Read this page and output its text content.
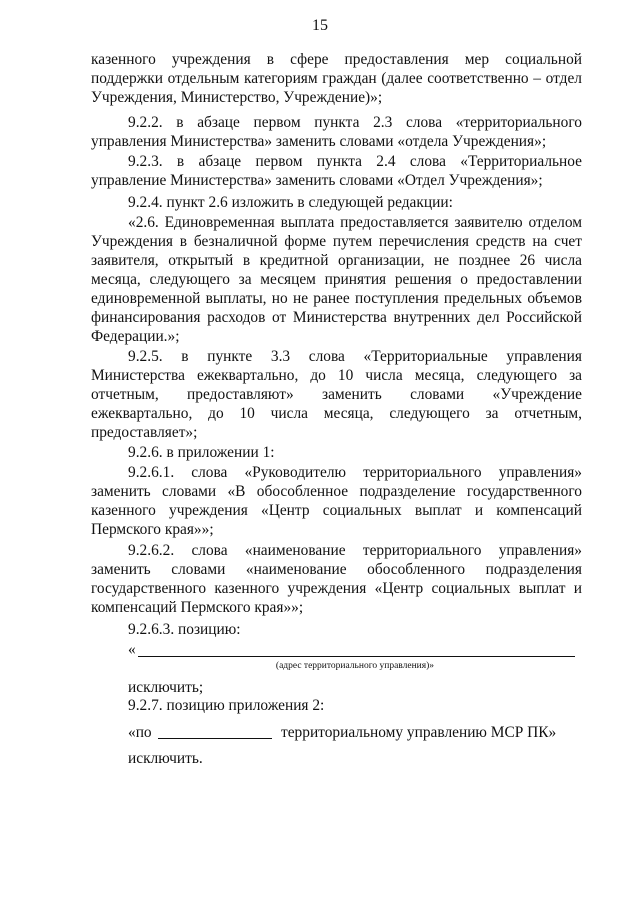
15

казенного учреждения в сфере предоставления мер социальной поддержки отдельным категориям граждан (далее соответственно – отдел Учреждения, Министерство, Учреждение)»;

9.2.2. в абзаце первом пункта 2.3 слова «территориального управления Министерства» заменить словами «отдела Учреждения»;

9.2.3. в абзаце первом пункта 2.4 слова «Территориальное управление Министерства» заменить словами «Отдел Учреждения»;

9.2.4. пункт 2.6 изложить в следующей редакции:

«2.6. Единовременная выплата предоставляется заявителю отделом Учреждения в безналичной форме путем перечисления средств на счет заявителя, открытый в кредитной организации, не позднее 26 числа месяца, следующего за месяцем принятия решения о предоставлении единовременной выплаты, но не ранее поступления предельных объемов финансирования расходов от Министерства внутренних дел Российской Федерации.»;

9.2.5. в пункте 3.3 слова «Территориальные управления Министерства ежеквартально, до 10 числа месяца, следующего за отчетным, предоставляют» заменить словами «Учреждение ежеквартально, до 10 числа месяца, следующего за отчетным, предоставляет»;

9.2.6. в приложении 1:

9.2.6.1. слова «Руководителю территориального управления» заменить словами «В обособленное подразделение государственного казенного учреждения «Центр социальных выплат и компенсаций Пермского края»»;

9.2.6.2. слова «наименование территориального управления» заменить словами «наименование обособленного подразделения государственного казенного учреждения «Центр социальных выплат и компенсаций Пермского края»»;

9.2.6.3. позицию:

«
(адрес территориального управления)»
исключить;
9.2.7. позицию приложения 2:
«по	территориальному управлению МСР ПК»
исключить.
